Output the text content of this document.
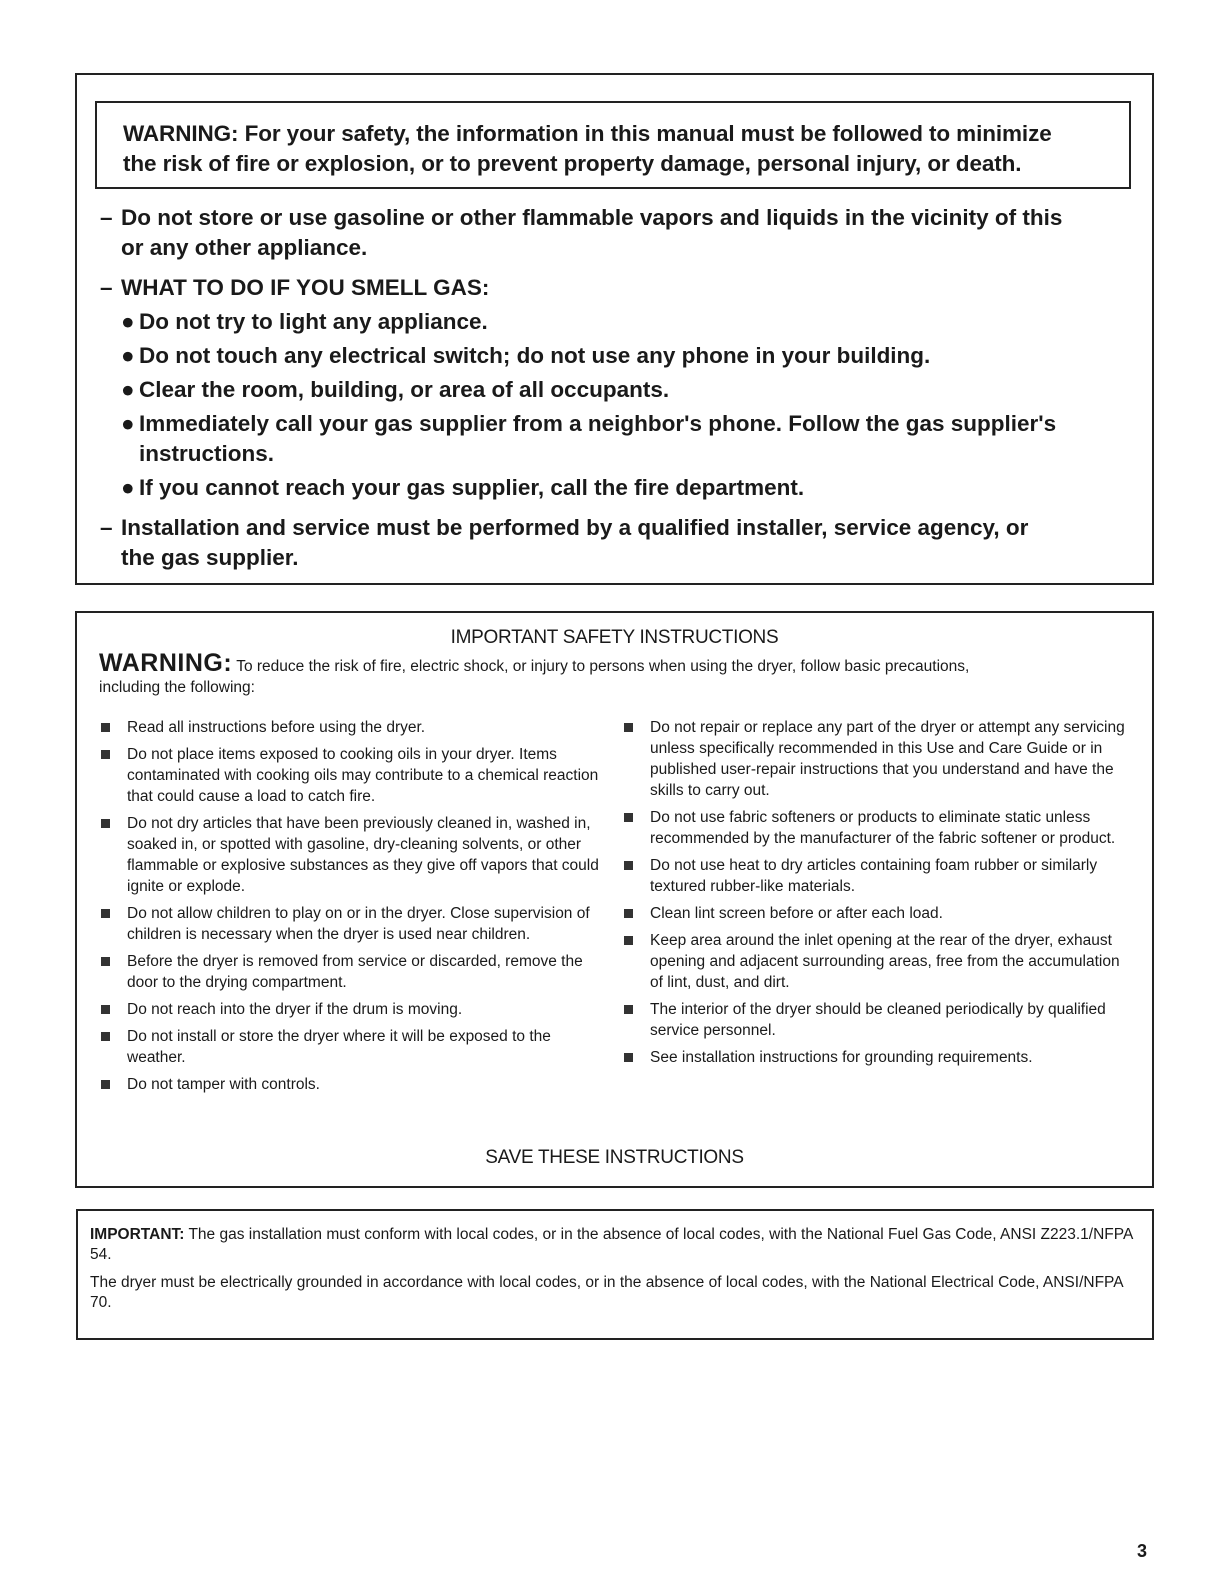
WARNING: For your safety, the information in this manual must be followed to minimize
the risk of fire or explosion, or to prevent property damage, personal injury, or death.
– Do not store or use gasoline or other flammable vapors and liquids in the vicinity of this
or any other appliance.
– WHAT TO DO IF YOU SMELL GAS:
● Do not try to light any appliance.
● Do not touch any electrical switch; do not use any phone in your building.
● Clear the room, building, or area of all occupants.
● Immediately call your gas supplier from a neighbor's phone. Follow the gas supplier's
instructions.
● If you cannot reach your gas supplier, call the fire department.
– Installation and service must be performed by a qualified installer, service agency, or
the gas supplier.
IMPORTANT SAFETY INSTRUCTIONS
WARNING: To reduce the risk of fire, electric shock, or injury to persons when using the dryer, follow basic precautions,
including the following:
Read all instructions before using the dryer.
Do not place items exposed to cooking oils in your dryer. Items contaminated with cooking oils may contribute to a chemical reaction that could cause a load to catch fire.
Do not dry articles that have been previously cleaned in, washed in, soaked in, or spotted with gasoline, dry-cleaning solvents, or other flammable or explosive substances as they give off vapors that could ignite or explode.
Do not allow children to play on or in the dryer. Close supervision of children is necessary when the dryer is used near children.
Before the dryer is removed from service or discarded, remove the door to the drying compartment.
Do not reach into the dryer if the drum is moving.
Do not install or store the dryer where it will be exposed to the weather.
Do not tamper with controls.
Do not repair or replace any part of the dryer or attempt any servicing unless specifically recommended in this Use and Care Guide or in published user-repair instructions that you understand and have the skills to carry out.
Do not use fabric softeners or products to eliminate static unless recommended by the manufacturer of the fabric softener or product.
Do not use heat to dry articles containing foam rubber or similarly textured rubber-like materials.
Clean lint screen before or after each load.
Keep area around the inlet opening at the rear of the dryer, exhaust opening and adjacent surrounding areas, free from the accumulation of lint, dust, and dirt.
The interior of the dryer should be cleaned periodically by qualified service personnel.
See installation instructions for grounding requirements.
SAVE THESE INSTRUCTIONS

IMPORTANT: The gas installation must conform with local codes, or in the absence of local codes, with the National Fuel Gas Code, ANSI Z223.1/NFPA 54.

The dryer must be electrically grounded in accordance with local codes, or in the absence of local codes, with the National Electrical Code, ANSI/NFPA 70.

3
